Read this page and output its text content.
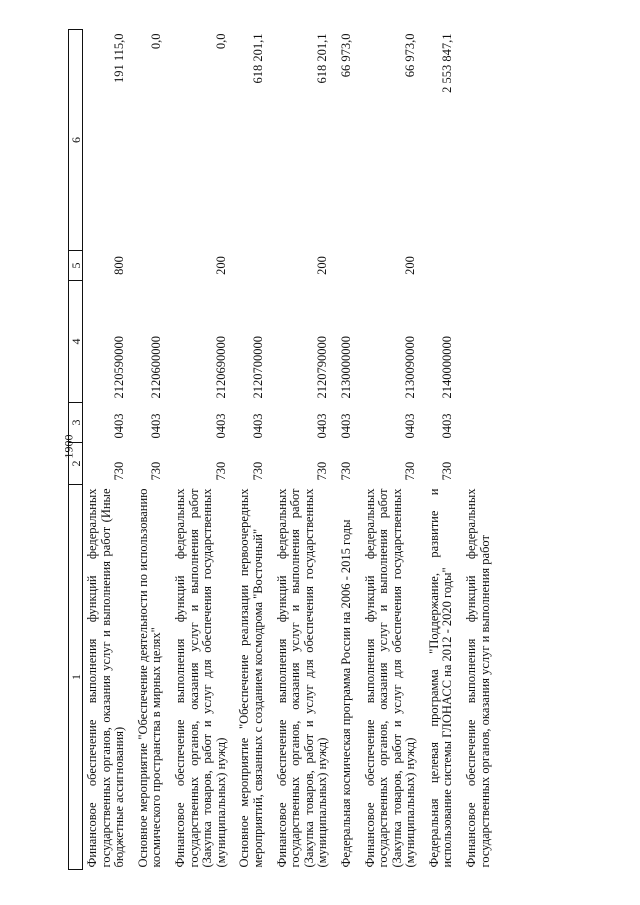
1900
1	2	3	4	5	6
Финансовое обеспечение выполнения функций федеральных государственных органов, оказания услуг и выполнения работ (Иные бюджетные ассигнования)	730	0403	2120590000	800	191 115,0
Основное мероприятие "Обеспечение деятельности по использованию космического пространства в мирных целях"	730	0403	2120600000		0,0
Финансовое обеспечение выполнения функций федеральных государственных органов, оказания услуг и выполнения работ (Закупка товаров, работ и услуг для обеспечения государственных (муниципальных) нужд)	730	0403	2120690000	200	0,0
Основное мероприятие "Обеспечение реализации первоочередных мероприятий, связанных с созданием космодрома "Восточный"	730	0403	2120700000		618 201,1
Финансовое обеспечение выполнения функций федеральных государственных органов, оказания услуг и выполнения работ (Закупка товаров, работ и услуг для обеспечения государственных (муниципальных) нужд)	730	0403	2120790000	200	618 201,1
Федеральная космическая программа России на 2006 - 2015 годы	730	0403	2130000000		66 973,0
Финансовое обеспечение выполнения функций федеральных государственных органов, оказания услуг и выполнения работ (Закупка товаров, работ и услуг для обеспечения государственных (муниципальных) нужд)	730	0403	2130090000	200	66 973,0
Федеральная целевая программа "Поддержание, развитие и использование системы ГЛОНАСС на 2012 - 2020 годы"	730	0403	2140000000		2 553 847,1
Финансовое обеспечение выполнения функций федеральных государственных органов, оказания услуг и выполнения работ					
